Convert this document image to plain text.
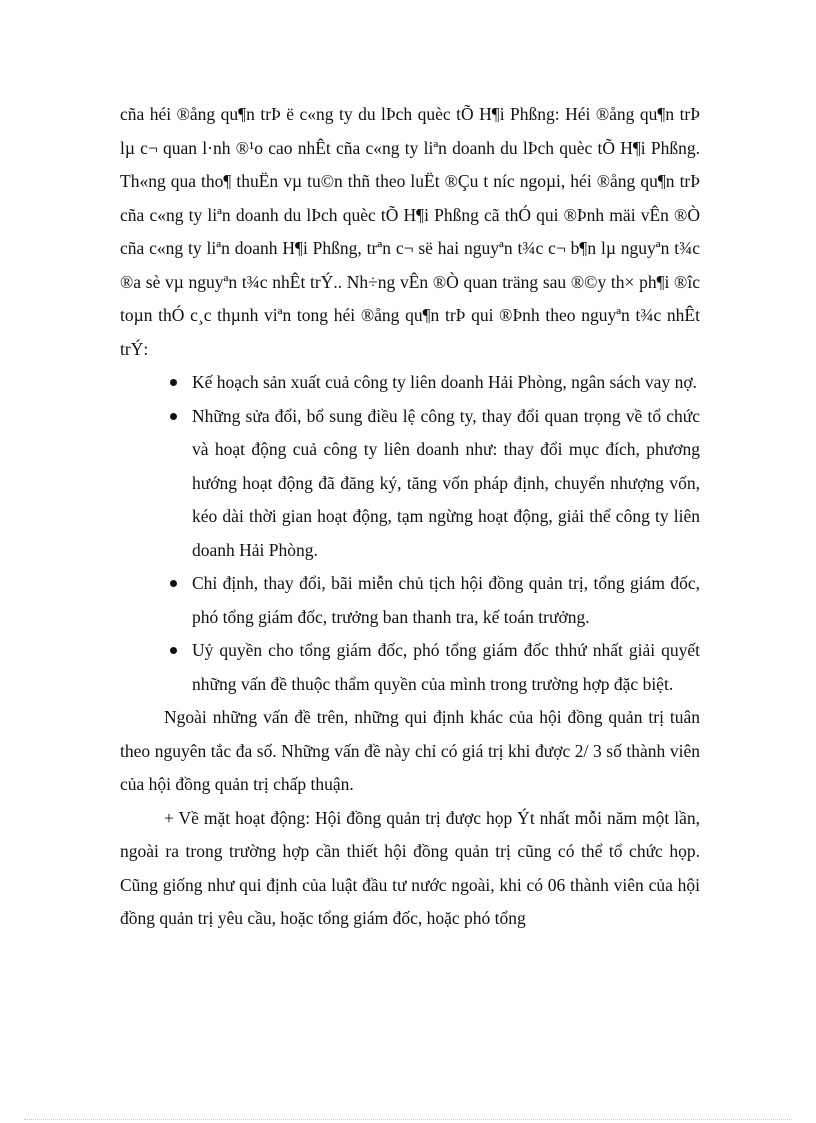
cña héi ®ång qu¶n trÞ ë c«ng ty du lÞch quèc tÕ H¶i Phßng: Héi ®ång qu¶n trÞ lµ c¬ quan l·nh ®¹o cao nhÊt cña c«ng ty liªn doanh du lÞch quèc tÕ H¶i Phßng. Th«ng qua tho¶ thuËn vµ tu©n thñ theo luËt ®Çu t níc ngoµi, héi ®ång qu¶n trÞ cña c«ng ty liªn doanh du lÞch quèc tÕ H¶i Phßng cã thÓ qui ®Þnh mäi vÊn ®Ò cña c«ng ty liªn doanh H¶i Phßng, trªn c¬ së hai nguyªn t¾c c¬ b¶n lµ nguyªn t¾c ®a sè vµ nguyªn t¾c nhÊt trÝ.. Nh÷ng vÊn ®Ò quan träng sau ®©y th× ph¶i ®îc toµn thÓ c¸c thµnh viªn tong héi ®ång qu¶n trÞ qui ®Þnh theo nguyªn t¾c nhÊt trÝ:

Kế hoạch sản xuất cuả công ty liên doanh Hải Phòng, ngân sách vay nợ.
Những sửa đổi, bổ sung điều lệ công ty, thay đổi quan trọng về tổ chức và hoạt động cuả công ty liên doanh như: thay đổi mục đích, phương hướng hoạt động đã đăng ký, tăng vốn pháp định, chuyển nhượng vốn, kéo dài thời gian hoạt động, tạm ngừng hoạt động, giải thể công ty liên doanh Hải Phòng.
Chỉ định, thay đổi, bãi miễn chủ tịch hội đồng quản trị, tổng giám đốc, phó tổng giám đốc, trưởng ban thanh tra, kế toán trưởng.
Uỷ quyền cho tổng giám đốc, phó tổng giám đốc thhứ nhất giải quyết những vấn đề thuộc thẩm quyền của mình trong trường hợp đặc biệt.

Ngoài những vấn đề trên, những qui định khác của hội đồng quản trị tuân theo nguyên tắc đa số. Những vấn đề này chỉ có giá trị khi được 2/ 3 số thành viên của hội đồng quản trị chấp thuận.

+ Về mặt hoạt động: Hội đồng quản trị được họp Ýt nhất mỗi năm một lần, ngoài ra trong trường hợp cần thiết hội đồng quản trị cũng có thể tổ chức họp. Cũng giống như qui định của luật đầu tư nước ngoài, khi có 06 thành viên của hội đồng quản trị yêu cầu, hoặc tổng giám đốc, hoặc phó tổng
